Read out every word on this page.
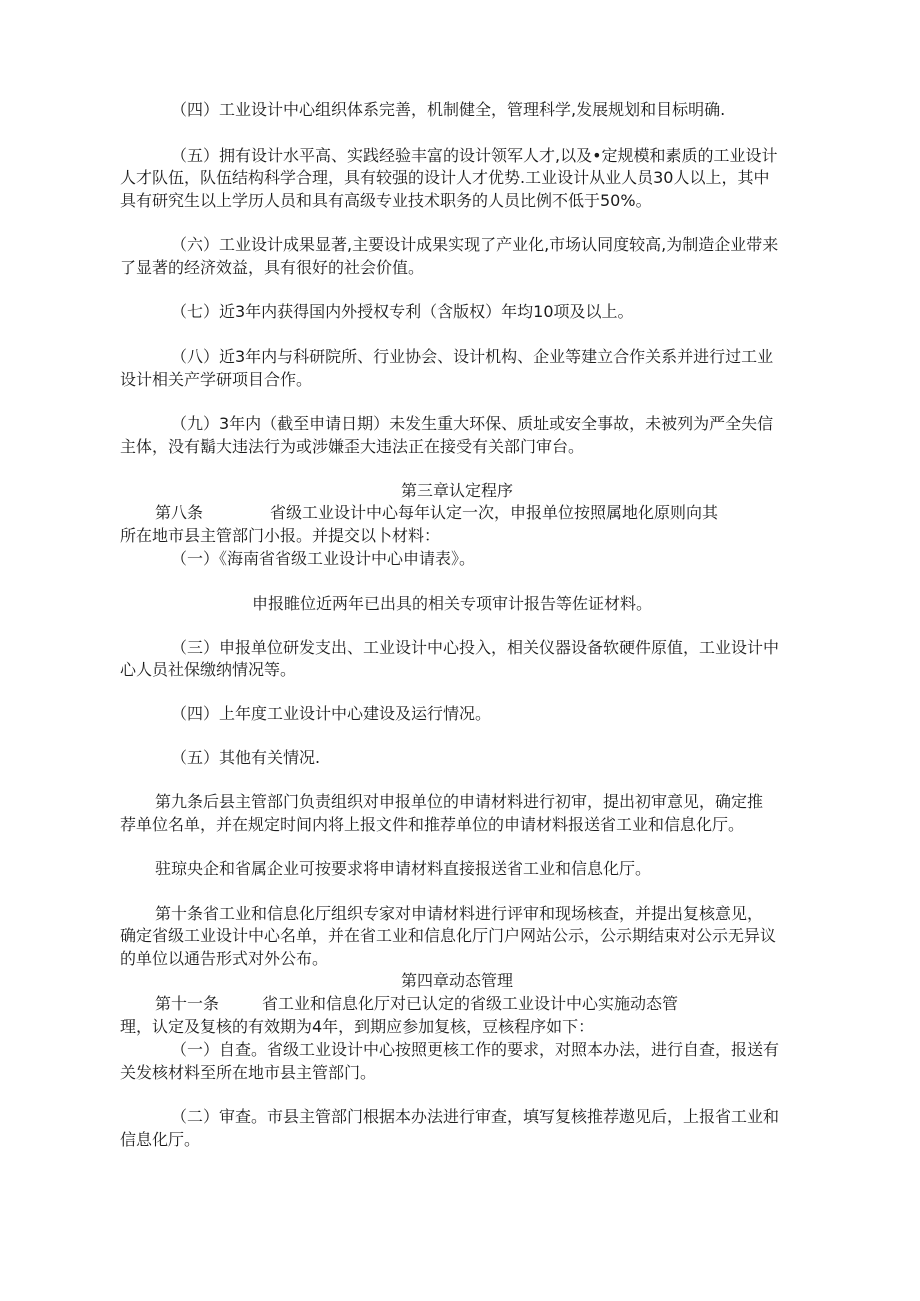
（四）工业设计中心组织体系完善，机制健全，管理科学,发展规划和目标明确.
（五）拥有设计水平高、实践经验丰富的设计领军人才,以及•定规模和素质的工业设计
人才队伍，队伍结构科学合理，具有较强的设计人才优势.工业设计从业人员30人以上，其中
具有研究生以上学历人员和具有高级专业技术职务的人员比例不低于50%。
（六）工业设计成果显著,主要设计成果实现了产业化,市场认同度较高,为制造企业带来
了显著的经济效益，具有很好的社会价值。
（七）近3年内获得国内外授权专利（含版权）年均10项及以上。
（八）近3年内与科研院所、行业协会、设计机构、企业等建立合作关系并进行过工业
设计相关产学研项目合作。
（九）3年内（截至申请日期）未发生重大环保、质址或安全事故，未被列为严全失信
主体，没有鬍大违法行为或涉嫌歪大违法正在接受有关部门审台。
第三章认定程序
第八条	省级工业设计中心每年认定一次，申报单位按照属地化原则向其
所在地市县主管部门小报。并提交以卜材料：
（一）《海南省省级工业设计中心申请表》。
申报睢位近两年已出具的相关专项审计报告等佐证材料。
（三）申报单位研发支出、工业设计中心投入，相关仪器设备软硬件原值，工业设计中
心人员社保缴纳情况等。
（四）上年度工业设计中心建设及运行情况。
（五）其他有关情况.
第九条后县主管部门负责组织对申报单位的申请材料进行初审，提出初审意见，确定推
荐单位名单，并在规定时间内将上报文件和推荐单位的申请材料报送省工业和信息化厅。
驻琼央企和省属企业可按要求将申请材料直接报送省工业和信息化厅。
第十条省工业和信息化厅组织专家对申请材料进行评审和现场核查，并提出复核意见，
确定省级工业设计中心名单，并在省工业和信息化厅门户网站公示，公示期结束对公示无异议
的单位以通告形式对外公布。
第四章动态管理
第十一条	省工业和信息化厅对已认定的省级工业设计中心实施动态管
理，认定及复核的有效期为4年，到期应参加复核，豆核程序如下：
（一）自查。省级工业设计中心按照更核工作的要求，对照本办法，进行自查，报送有
关发核材料至所在地市县主管部门。
（二）审查。市县主管部门根据本办法进行审查，填写复核推荐遨见后，上报省工业和
信息化厅。
